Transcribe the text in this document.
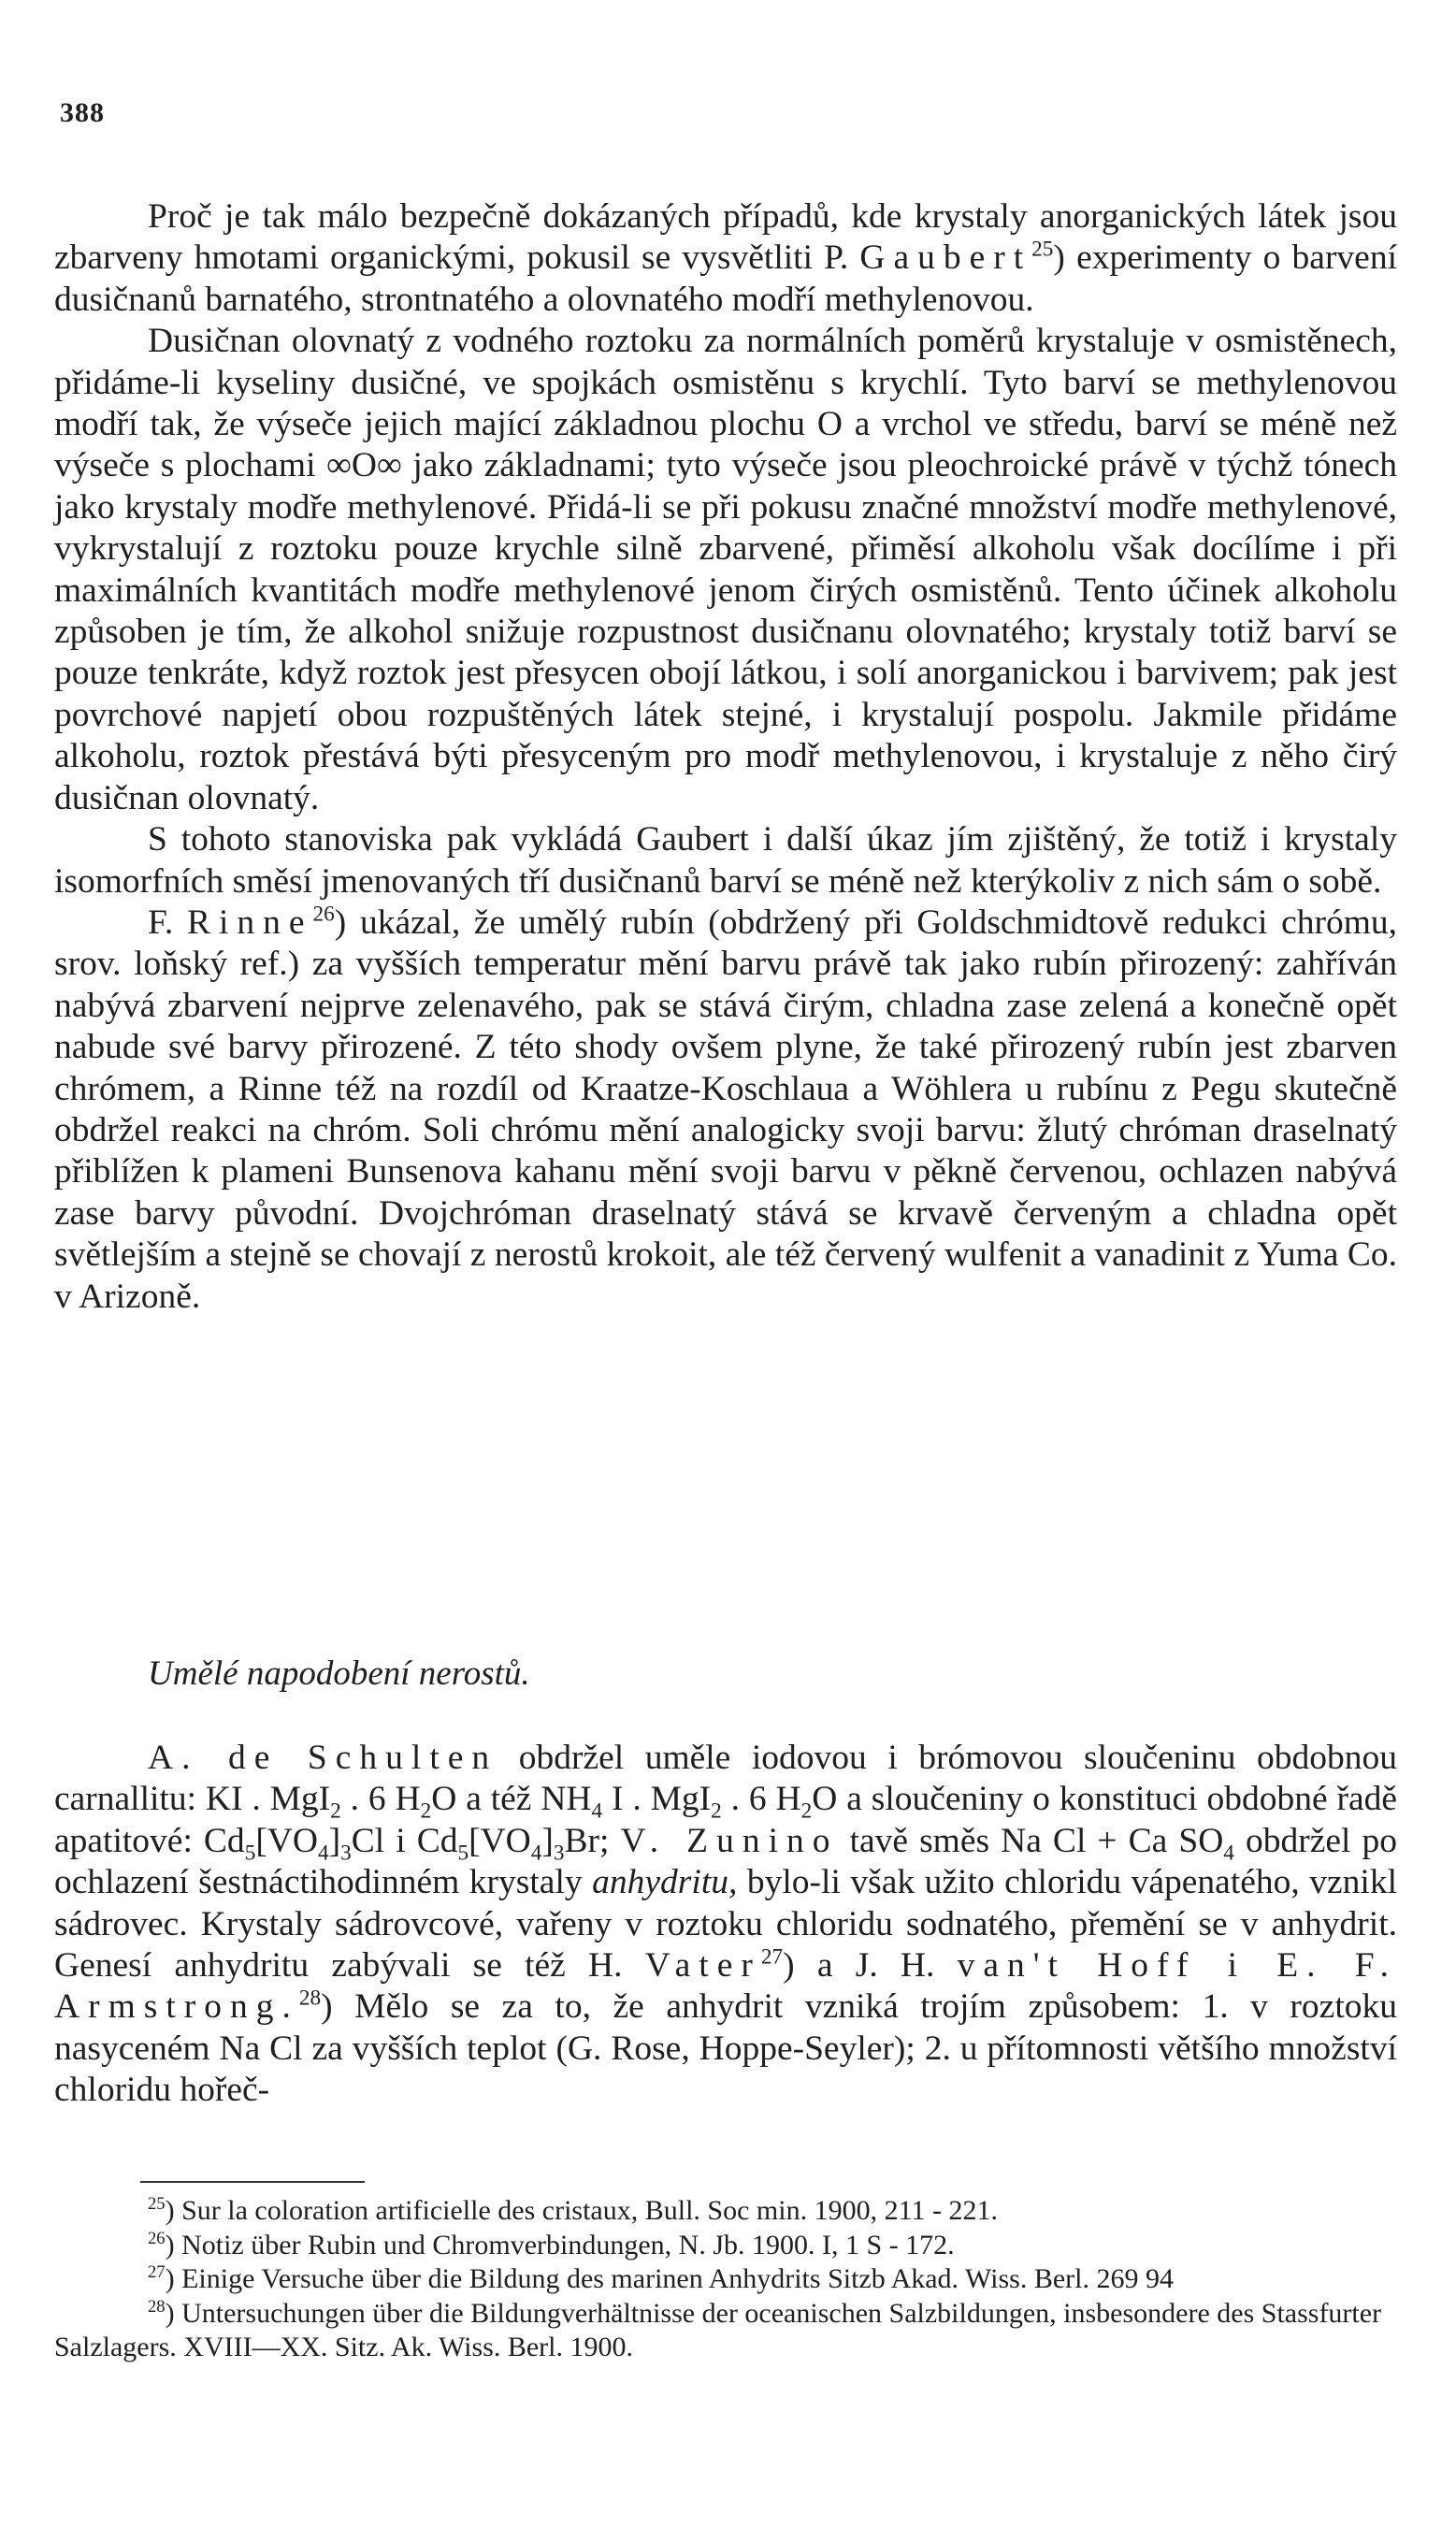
388

Proč je tak málo bezpečně dokázaných případů, kde krystaly anorganických látek jsou zbarveny hmotami organickými, pokusil se vysvětliti P. Gaubert$^{25}$) experimenty o barvení dusičnanů barnatého, strontnatého a olovnatého modří methylenovou.

Dusičnan olovnatý z vodného roztoku za normálních poměrů krystaluje v osmistěnech, přidáme-li kyseliny dusičné, ve spojkách osmistěnu s krychlí. Tyto barví se methylenovou modří tak, že výseče jejich mající základnou plochu O a vrchol ve středu, barví se méně než výseče s plochami ∞O∞ jako základnami; tyto výseče jsou pleochroické právě v týchž tónech jako krystaly modře methylenové. Přidá-li se při pokusu značné množství modře methylenové, vykrystalují z roztoku pouze krychle silně zbarvené, přiměsí alkoholu však docílíme i při maximálních kvantitách modře methylenové jenom čirých osmistěnů. Tento účinek alkoholu způsoben je tím, že alkohol snižuje rozpustnost dusičnanu olovnatého; krystaly totiž barví se pouze tenkráte, když roztok jest přesycen obojí látkou, i solí anorganickou i barvivem; pak jest povrchové napjetí obou rozpuštěných látek stejné, i krystalují pospolu. Jakmile přidáme alkoholu, roztok přestává býti přesyceným pro modř methylenovou, i krystaluje z něho čirý dusičnan olovnatý.

S tohoto stanoviska pak vykládá Gaubert i další úkaz jím zjištěný, že totiž i krystaly isomorfních směsí jmenovaných tří dusičnanů barví se méně než kterýkoliv z nich sám o sobě.

F. Rinne$^{26}$) ukázal, že umělý rubín (obdržený při Goldschmidtově redukci chrómu, srov. loňský ref.) za vyšších temperatur mění barvu právě tak jako rubín přirozený: zahříván nabývá zbarvení nejprve zelenavého, pak se stává čirým, chladna zase zelená a konečně opět nabude své barvy přirozené. Z této shody ovšem plyne, že také přirozený rubín jest zbarven chrómem, a Rinne též na rozdíl od Kraatze-Koschlaua a Wöhlera u rubínu z Pegu skutečně obdržel reakci na chróm. Soli chrómu mění analogicky svoji barvu: žlutý chróman draselnatý přiblížen k plameni Bunsenova kahanu mění svoji barvu v pěkně červenou, ochlazen nabývá zase barvy původní. Dvojchróman draselnatý stává se krvavě červeným a chladna opět světlejším a stejně se chovají z nerostů krokoit, ale též červený wulfenit a vanadinit z Yuma Co. v Arizoně.

Umělé napodobení nerostů.

A. de Schulten obdržel uměle iodovou i brómovou sloučeninu obdobnou carnallitu: KI . MgI$_2$ . 6 $H_2O$ a též $NH_4$ I . MgI$_2$ . 6 $H_2O$ a sloučeniny o konstituci obdobné řadě apatitové: $Cd_5[VO_4]_3Cl$ i $Cd_5[VO_4]_3Br$; V. Zunino tavě směs Na Cl + Ca $SO_4$ obdržel po ochlazení šestnáctihodinném krystaly anhydritu, bylo-li však užito chloridu vápenatého, vznikl sádrovec. Krystaly sádrovcové, vařeny v roztoku chloridu sodnatého, přemění se v anhydrit. Genesí anhydritu zabývali se též H. Vater$^{27}$) a J. H. van't Hoff i E. F. Armstrong.$^{28}$) Mělo se za to, že anhydrit vzniká trojím způsobem: 1. v roztoku nasyceném Na Cl za vyšších teplot (G. Rose, Hoppe-Seyler); 2. u přítomnosti většího množství chloridu hořeč-

$^{25}$) Sur la coloration artificielle des cristaux, Bull. Soc min. 1900, 211 - 221.

$^{26}$) Notiz über Rubin und Chromverbindungen, N. Jb. 1900. I, 1 S - 172.

$^{27}$) Einige Versuche über die Bildung des marinen Anhydrits Sitzb Akad. Wiss. Berl. 269 94

$^{28}$) Untersuchungen über die Bildungverhältnisse der oceanischen Salzbildungen, insbesondere des Stassfurter Salzlagers. XVIII—XX. Sitz. Ak. Wiss. Berl. 1900.
